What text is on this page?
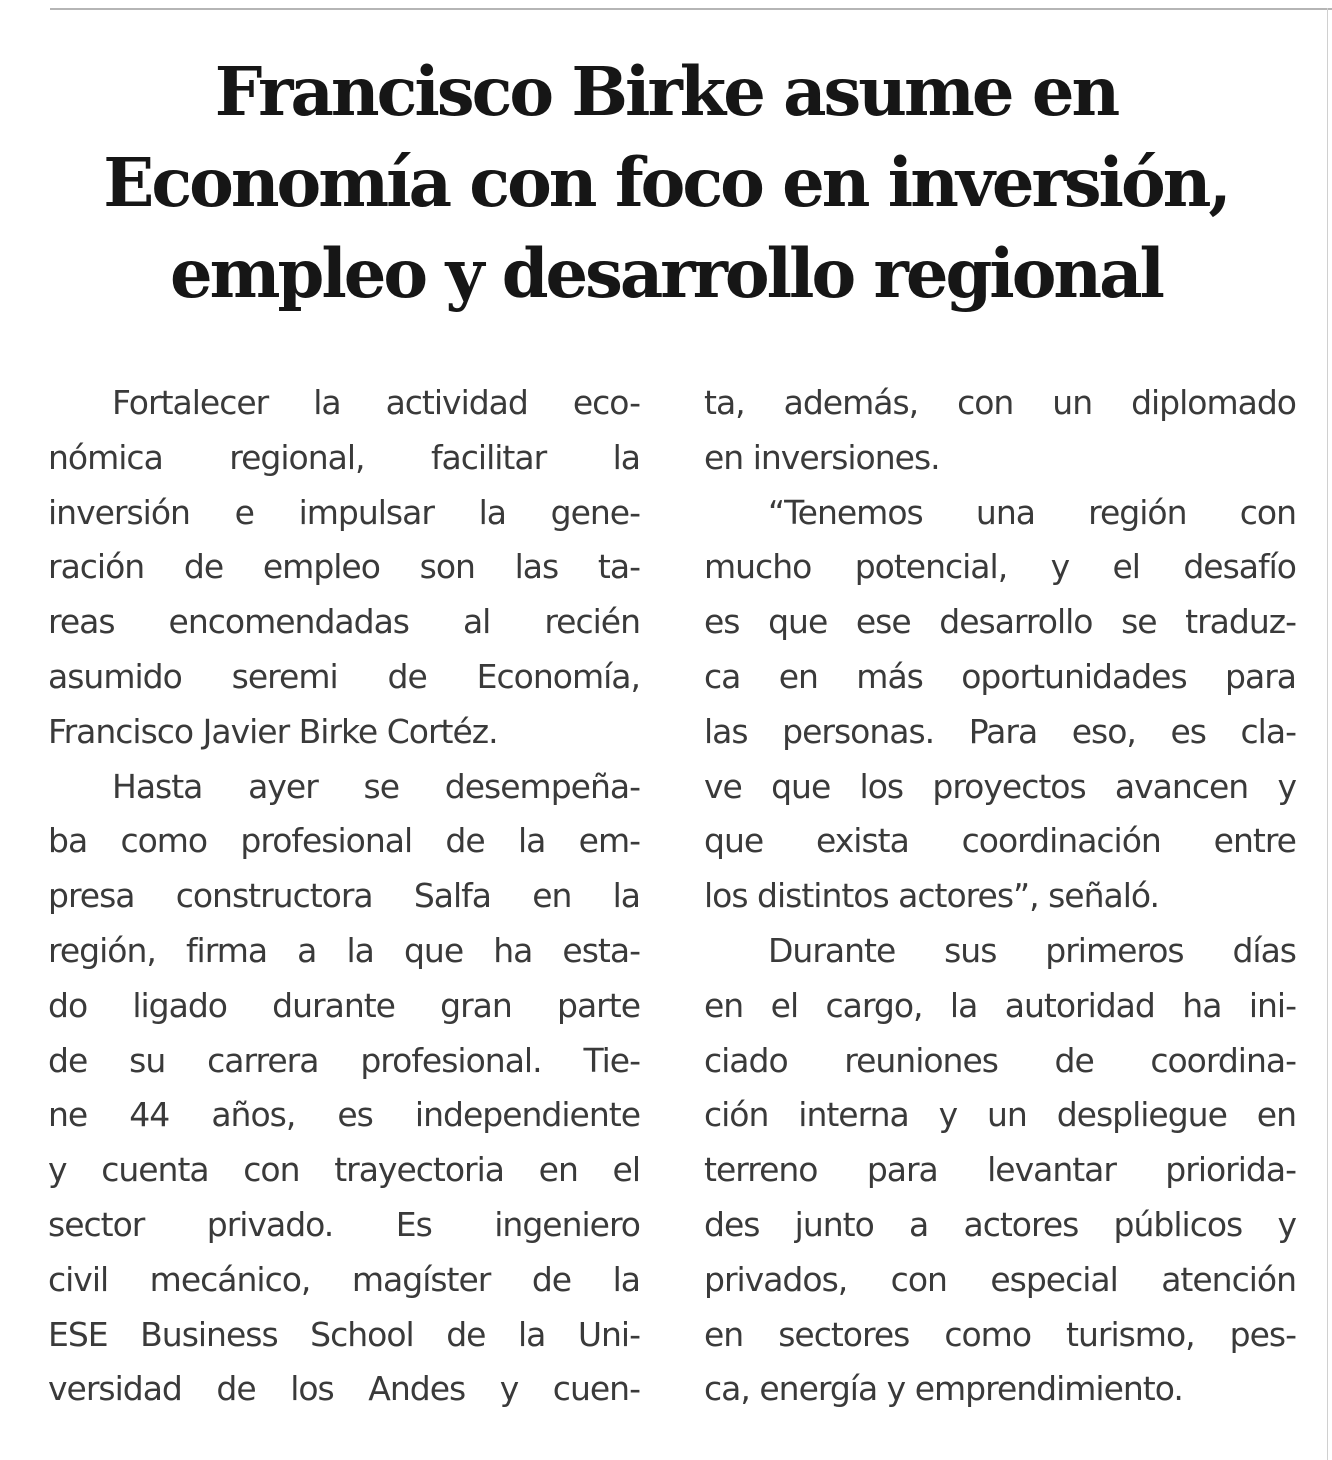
Francisco Birke asume en
Economía con foco en inversión,
empleo y desarrollo regional
Fortalecer la actividad eco-
nómica regional, facilitar la
inversión e impulsar la gene-
ración de empleo son las ta-
reas encomendadas al recién
asumido seremi de Economía,
Francisco Javier Birke Cortéz.
Hasta ayer se desempeña-
ba como profesional de la em-
presa constructora Salfa en la
región, firma a la que ha esta-
do ligado durante gran parte
de su carrera profesional. Tie-
ne 44 años, es independiente
y cuenta con trayectoria en el
sector privado. Es ingeniero
civil mecánico, magíster de la
ESE Business School de la Uni-
versidad de los Andes y cuen-
ta, además, con un diplomado
en inversiones.
“Tenemos una región con
mucho potencial, y el desafío
es que ese desarrollo se traduz-
ca en más oportunidades para
las personas. Para eso, es cla-
ve que los proyectos avancen y
que exista coordinación entre
los distintos actores”, señaló.
Durante sus primeros días
en el cargo, la autoridad ha ini-
ciado reuniones de coordina-
ción interna y un despliegue en
terreno para levantar priorida-
des junto a actores públicos y
privados, con especial atención
en sectores como turismo, pes-
ca, energía y emprendimiento.
